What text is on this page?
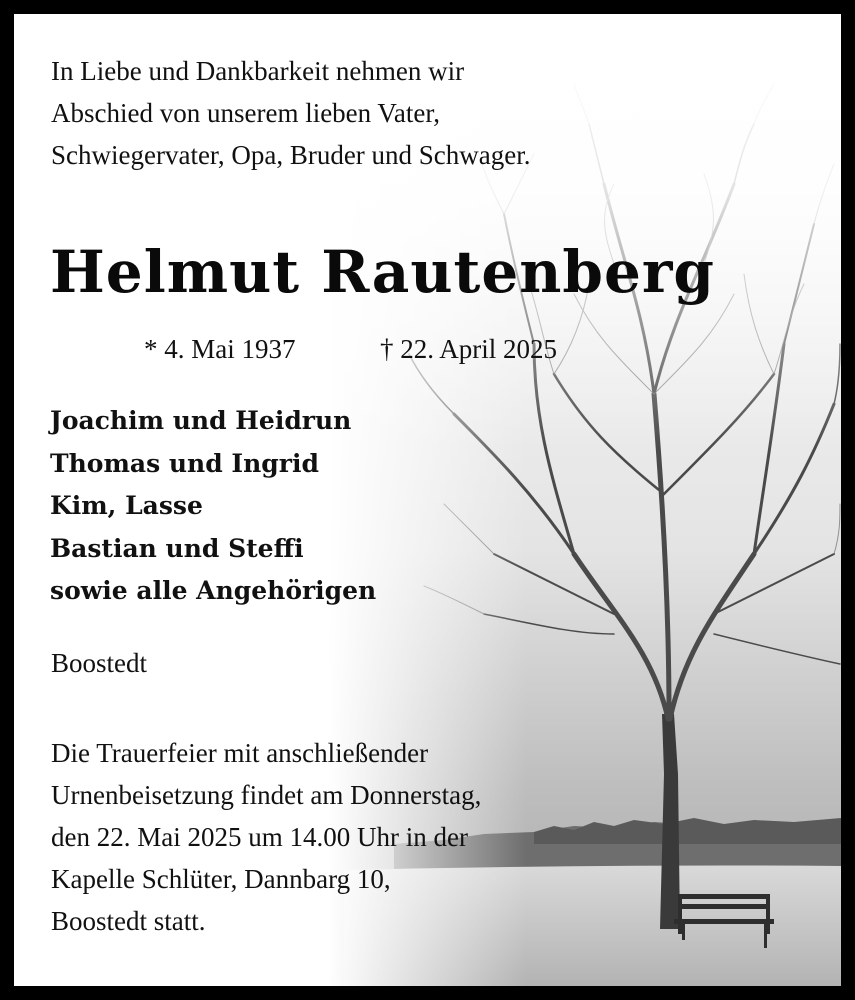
In Liebe und Dankbarkeit nehmen wir
Abschied von unserem lieben Vater,
Schwiegervater, Opa, Bruder und Schwager.
Helmut Rautenberg
* 4. Mai 1937	† 22. April 2025
Joachim und Heidrun
Thomas und Ingrid
Kim, Lasse
Bastian und Steffi
sowie alle Angehörigen
Boostedt
Die Trauerfeier mit anschließender
Urnenbeisetzung findet am Donnerstag,
den 22. Mai 2025 um 14.00 Uhr in der
Kapelle Schlüter, Dannbarg 10,
Boostedt statt.
